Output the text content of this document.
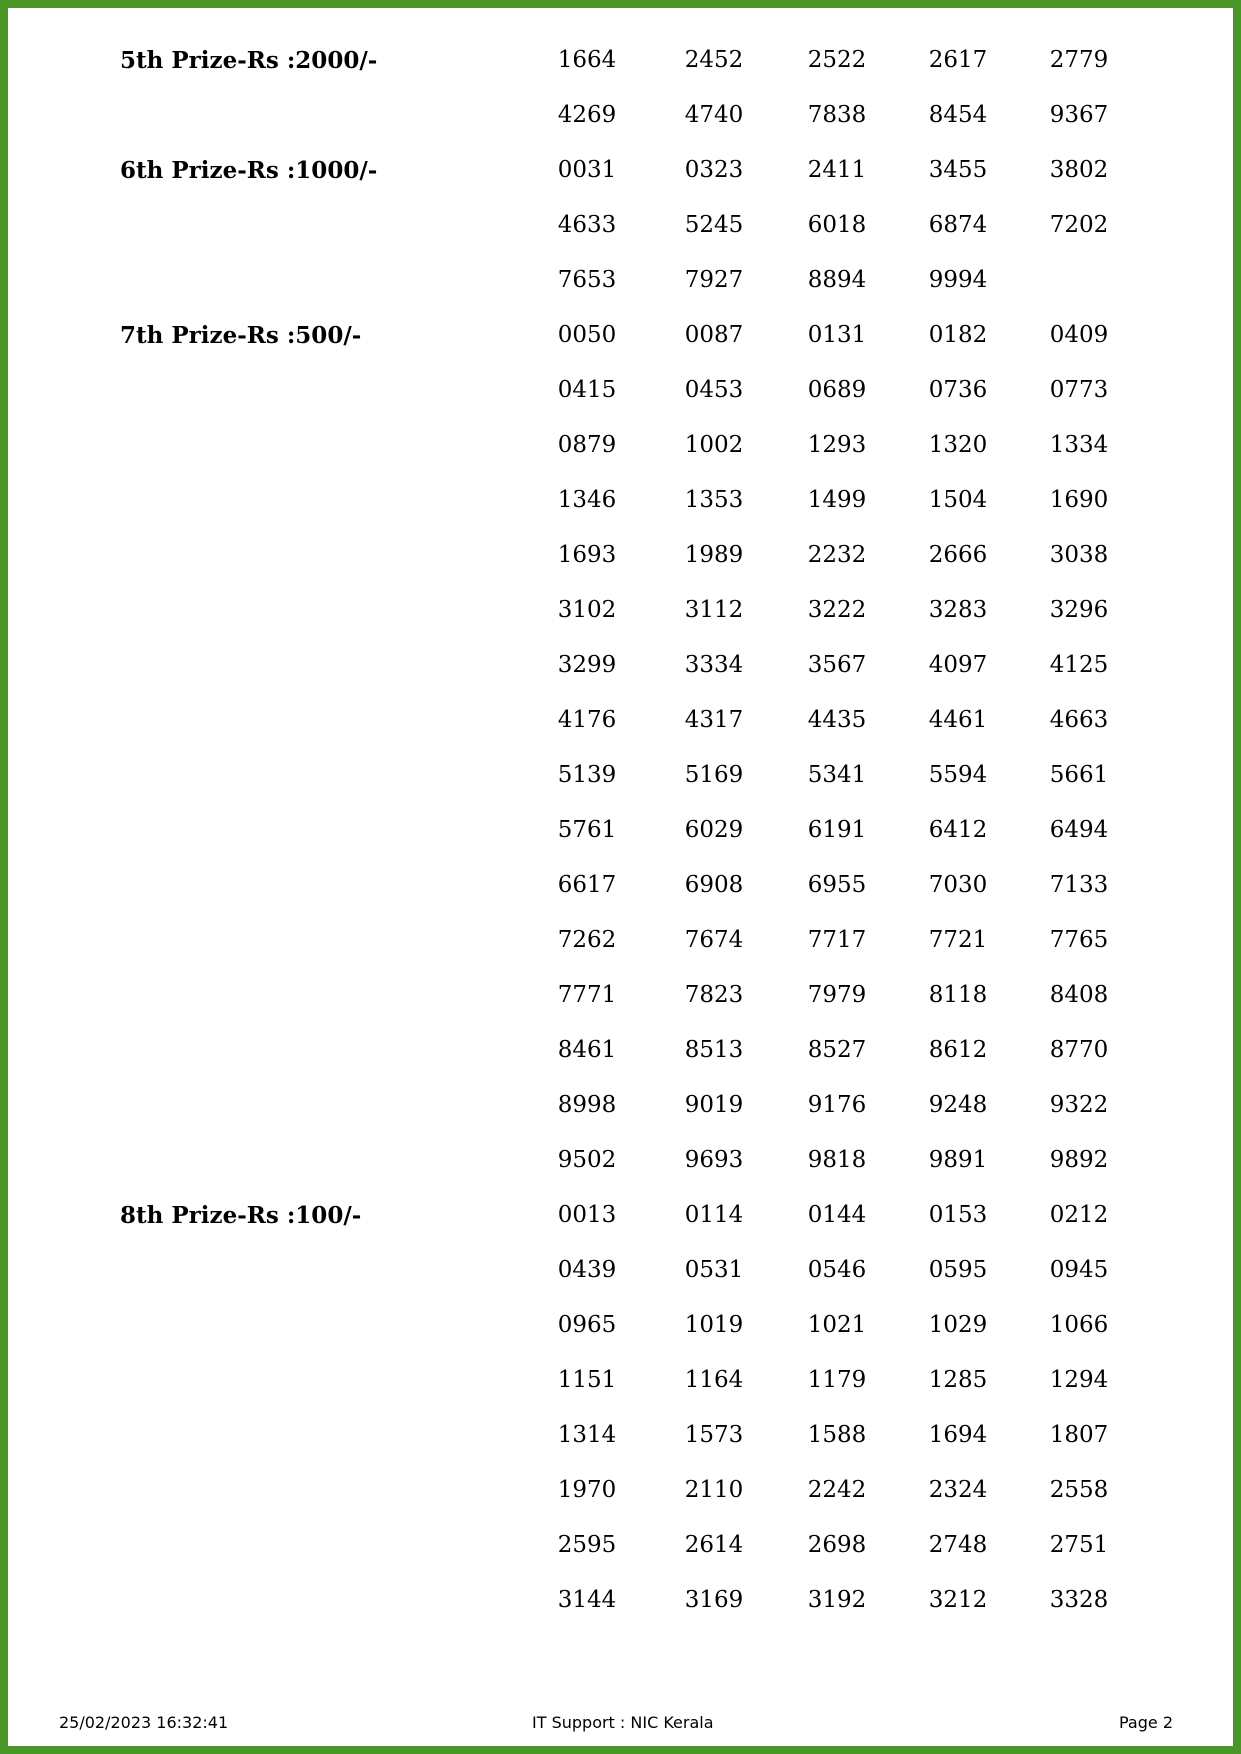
5th Prize-Rs :2000/-	1664	2452	2522	2617	2779
4269	4740	7838	8454	9367
6th Prize-Rs :1000/-	0031	0323	2411	3455	3802
4633	5245	6018	6874	7202
7653	7927	8894	9994
7th Prize-Rs :500/-	0050	0087	0131	0182	0409
0415	0453	0689	0736	0773
0879	1002	1293	1320	1334
1346	1353	1499	1504	1690
1693	1989	2232	2666	3038
3102	3112	3222	3283	3296
3299	3334	3567	4097	4125
4176	4317	4435	4461	4663
5139	5169	5341	5594	5661
5761	6029	6191	6412	6494
6617	6908	6955	7030	7133
7262	7674	7717	7721	7765
7771	7823	7979	8118	8408
8461	8513	8527	8612	8770
8998	9019	9176	9248	9322
9502	9693	9818	9891	9892
8th Prize-Rs :100/-	0013	0114	0144	0153	0212
0439	0531	0546	0595	0945
0965	1019	1021	1029	1066
1151	1164	1179	1285	1294
1314	1573	1588	1694	1807
1970	2110	2242	2324	2558
2595	2614	2698	2748	2751
3144	3169	3192	3212	3328
25/02/2023 16:32:41	IT Support : NIC Kerala	Page 2
